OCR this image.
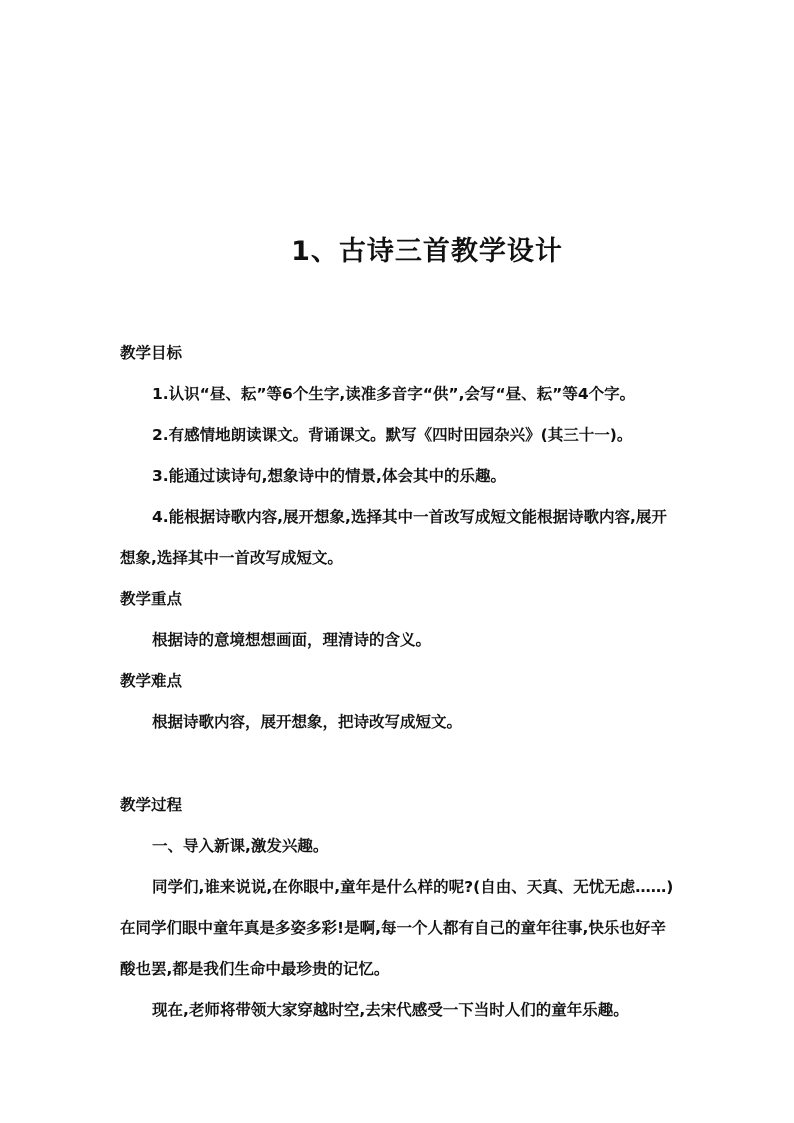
1、古诗三首教学设计
教学目标
1.认识“昼、耘”等6个生字,读准多音字“供”,会写“昼、耘”等4个字。
2.有感情地朗读课文。背诵课文。默写《四时田园杂兴》(其三十一)。
3.能通过读诗句,想象诗中的情景,体会其中的乐趣。
4.能根据诗歌内容,展开想象,选择其中一首改写成短文能根据诗歌内容,展开想象,选择其中一首改写成短文。
教学重点
根据诗的意境想想画面，理清诗的含义。
教学难点
根据诗歌内容，展开想象，把诗改写成短文。
教学过程
一、导入新课,激发兴趣。
同学们,谁来说说,在你眼中,童年是什么样的呢?(自由、天真、无忧无虑……)在同学们眼中童年真是多姿多彩!是啊,每一个人都有自己的童年往事,快乐也好辛酸也罢,都是我们生命中最珍贵的记忆。
现在,老师将带领大家穿越时空,去宋代感受一下当时人们的童年乐趣。
